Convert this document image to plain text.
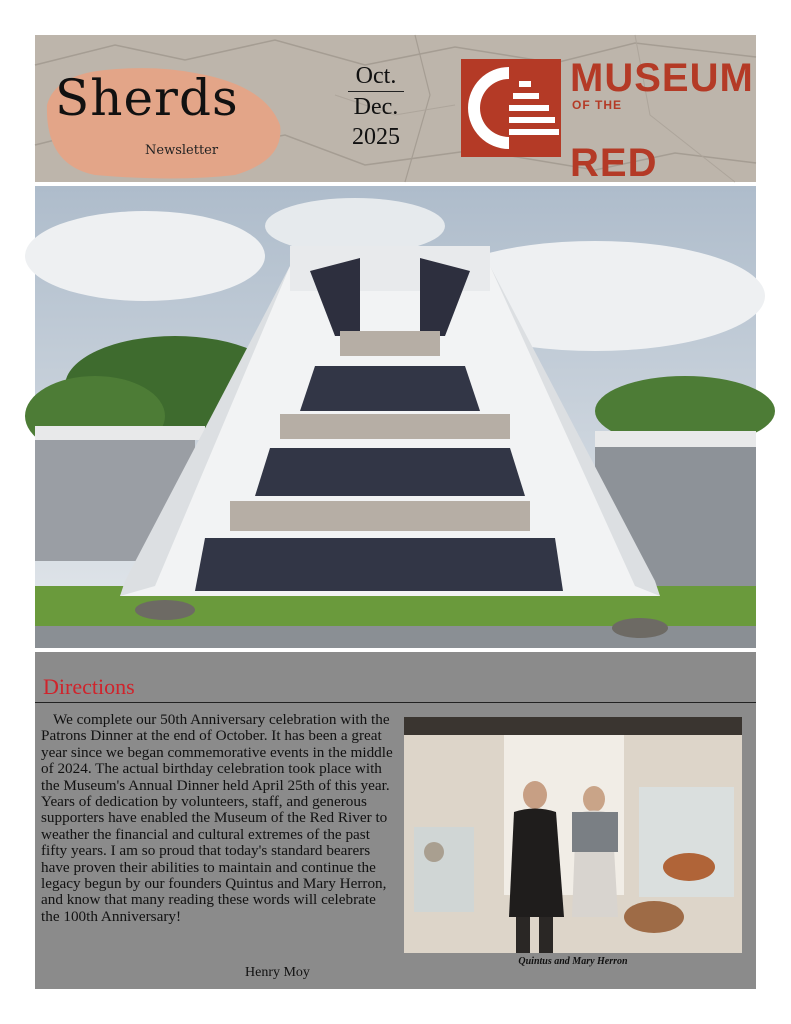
Sherds
Newsletter
Oct.
Dec.
2025
MUSEUMOF THE
RED
Directions
We complete our 50th Anniversary celebration with the Patrons Dinner at the end of October. It has been a great year since we began commemorative events in the middle of 2024. The actual birthday celebration took place with the Museum's Annual Dinner held April 25th of this year. Years of dedication by volunteers, staff, and generous supporters have enabled the Museum of the Red River to weather the financial and cultural extremes of the past fifty years. I am so proud that today's standard bearers have proven their abilities to maintain and continue the legacy begun by our founders Quintus and Mary Herron, and know that many reading these words will celebrate the 100th Anniversary!
Henry Moy
Quintus and Mary Herron
